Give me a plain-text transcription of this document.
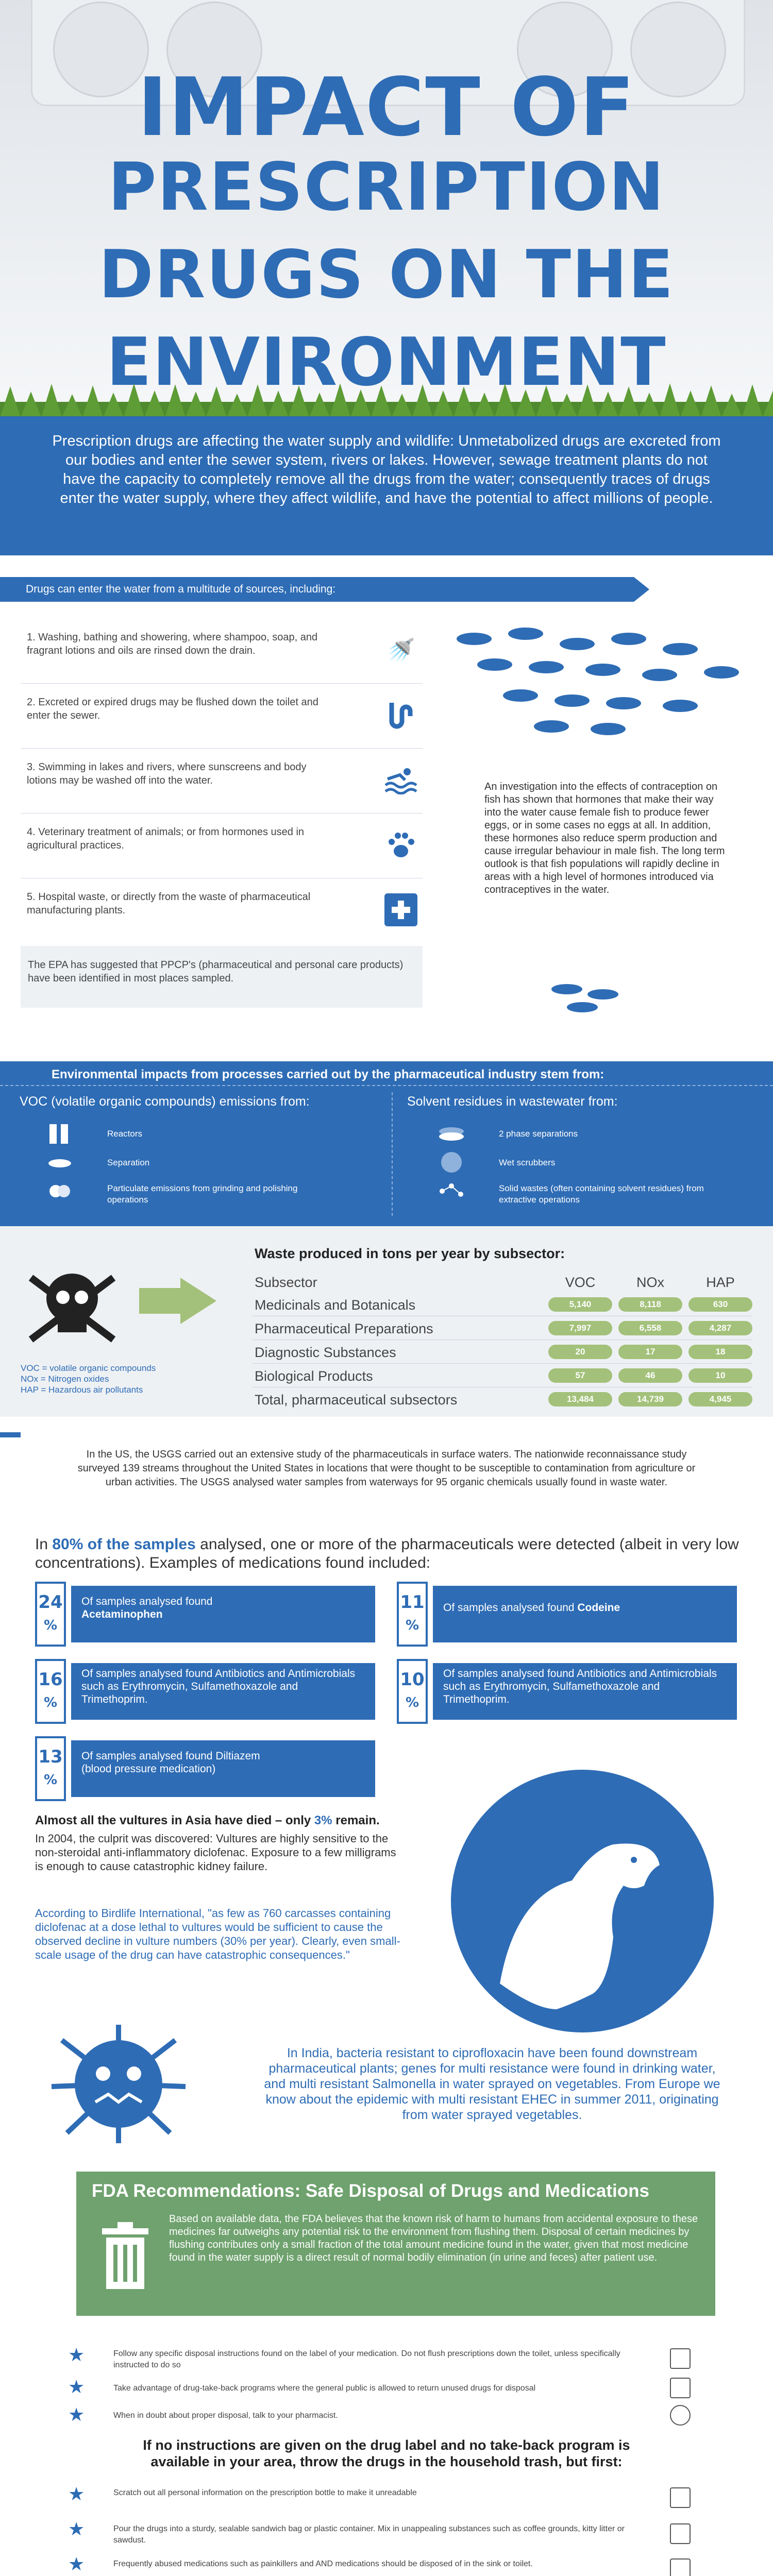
IMPACT OF
PRESCRIPTION
DRUGS ON THE
ENVIRONMENT
Prescription drugs are affecting the water supply and wildlife: Unmetabolized drugs are excreted from our bodies and enter the sewer system, rivers or lakes. However, sewage treatment plants do not have the capacity to completely remove all the drugs from the water; consequently traces of drugs enter the water supply, where they affect wildlife, and have the potential to affect millions of people.
Drugs can enter the water from a multitude of sources, including:
1. Washing, bathing and showering, where shampoo, soap, and fragrant lotions and oils are rinsed down the drain.	🚿
2. Excreted or expired drugs may be flushed down the toilet and enter the sewer.
3. Swimming in lakes and rivers, where sunscreens and body lotions may be washed off into the water.
4. Veterinary treatment of animals; or from hormones used in agricultural practices.
5. Hospital waste, or directly from the waste of pharmaceutical manufacturing plants.
The EPA has suggested that PPCP's (pharmaceutical and personal care products) have been identified in most places sampled.
An investigation into the effects of contraception on fish has shown that hormones that make their way into the water cause female fish to produce fewer eggs, or in some cases no eggs at all. In addition, these hormones also reduce sperm production and cause irregular behaviour in male fish. The long term outlook is that fish populations will rapidly decline in areas with a high level of hormones introduced via contraceptives in the water.
Environmental impacts from processes carried out by the pharmaceutical industry stem from:
VOC (volatile organic compounds) emissions from:	Solvent residues in wastewater from:
Reactors
Separation
Particulate emissions from grinding and polishing operations
2 phase separations
Wet scrubbers
Solid wastes (often containing solvent residues) from extractive operations
VOC = volatile organic compounds
NOx = Nitrogen oxides
HAP = Hazardous air pollutants
Waste produced in tons per year by subsector:
Subsector	VOC	NOx	HAP
Medicinals and Botanicals	5,140	8,118	630
Pharmaceutical Preparations	7,997	6,558	4,287
Diagnostic Substances	20	17	18
Biological Products	57	46	10
Total, pharmaceutical subsectors	13,484	14,739	4,945
In the US, the USGS carried out an extensive study of the pharmaceuticals in surface waters. The nationwide reconnaissance study surveyed 139 streams throughout the United States in locations that were thought to be susceptible to contamination from agriculture or urban activities. The USGS analysed water samples from waterways for 95 organic chemicals usually found in waste water.
In 80% of the samples analysed, one or more of the pharmaceuticals were detected (albeit in very low concentrations). Examples of medications found included:
24
%
Of samples analysed found
Acetaminophen
11
%
Of samples analysed found Codeine
16
%
Of samples analysed found Antibiotics and Antimicrobials such as Erythromycin, Sulfamethoxazole and Trimethoprim.
10
%
Of samples analysed found Antibiotics and Antimicrobials such as Erythromycin, Sulfamethoxazole and Trimethoprim.
13
%
Of samples analysed found Diltiazem
(blood pressure medication)
Almost all the vultures in Asia have died – only 3% remain.
In 2004, the culprit was discovered: Vultures are highly sensitive to the non-steroidal anti-inflammatory diclofenac. Exposure to a few milligrams is enough to cause catastrophic kidney failure.
According to Birdlife International, "as few as 760 carcasses containing diclofenac at a dose lethal to vultures would be sufficient to cause the observed decline in vulture numbers (30% per year). Clearly, even small-scale usage of the drug can have catastrophic consequences."
In India, bacteria resistant to ciprofloxacin have been found downstream pharmaceutical plants; genes for multi resistance were found in drinking water, and multi resistant Salmonella in water sprayed on vegetables. From Europe we know about the epidemic with multi resistant EHEC in summer 2011, originating from water sprayed vegetables.
FDA Recommendations: Safe Disposal of Drugs and Medications
Based on available data, the FDA believes that the known risk of harm to humans from accidental exposure to these medicines far outweighs any potential risk to the environment from flushing them. Disposal of certain medicines by flushing contributes only a small fraction of the total amount medicine found in the water, given that most medicine found in the water supply is a direct result of normal bodily elimination (in urine and feces) after patient use.
★	Follow any specific disposal instructions found on the label of your medication. Do not flush prescriptions down the toilet, unless specifically instructed to do so
★	Take advantage of drug-take-back programs where the general public is allowed to return unused drugs for disposal
★	When in doubt about proper disposal, talk to your pharmacist.
If no instructions are given on the drug label and no take-back program is available in your area, throw the drugs in the household trash, but first:
★	Scratch out all personal information on the prescription bottle to make it unreadable
★	Pour the drugs into a sturdy, sealable sandwich bag or plastic container. Mix in unappealing substances such as coffee grounds, kitty litter or sawdust.
★	Frequently abused medications such as painkillers and AND medications should be disposed of in the sink or toilet.
